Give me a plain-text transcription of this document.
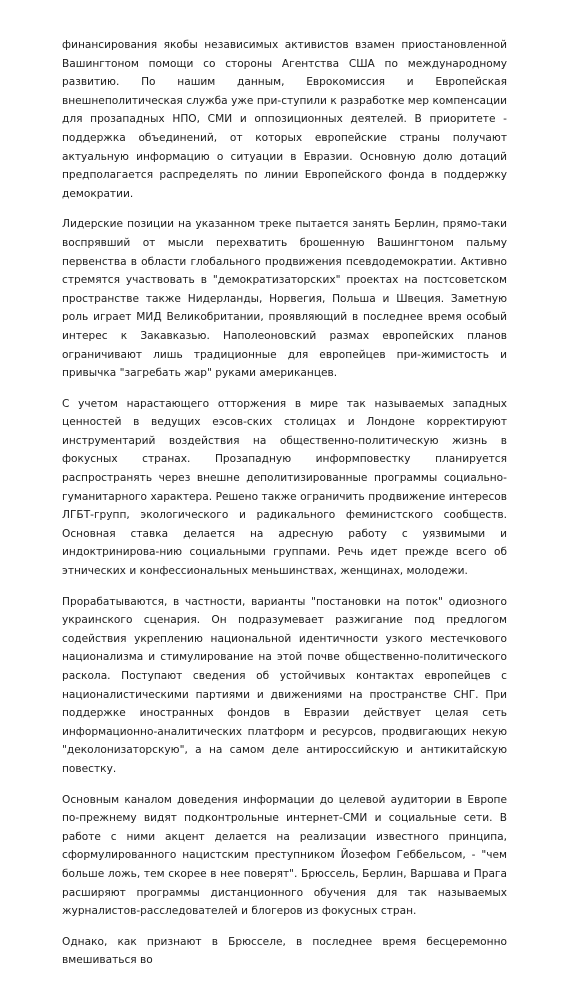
финансирования якобы независимых активистов взамен приостановленной Вашингтоном помощи со стороны Агентства США по международному развитию. По нашим данным, Еврокомиссия и Европейская внешнеполитическая служба уже при-ступили к разработке мер компенсации для прозападных НПО, СМИ и оппозиционных деятелей. В приоритете - поддержка объединений, от которых европейские страны получают актуальную информацию о ситуации в Евразии. Основную долю дотаций предполагается распределять по линии Европейского фонда в поддержку демократии.

Лидерские позиции на указанном треке пытается занять Берлин, прямо-таки воспрявший от мысли перехватить брошенную Вашингтоном пальму первенства в области глобального продвижения псевдодемократии. Активно стремятся участвовать в "демократизаторских" проектах на постсоветском пространстве также Нидерланды, Норвегия, Польша и Швеция. Заметную роль играет МИД Великобритании, проявляющий в последнее время особый интерес к Закавказью. Наполеоновский размах европейских планов ограничивают лишь традиционные для европейцев при-жимистость и привычка "загребать жар" руками американцев.

С учетом нарастающего отторжения в мире так называемых западных ценностей в ведущих еэсов-ских столицах и Лондоне корректируют инструментарий воздействия на общественно-политическую жизнь в фокусных странах. Прозападную информповестку планируется распространять через внешне деполитизированные программы социально-гуманитарного характера. Решено также ограничить продвижение интересов ЛГБТ-групп, экологического и радикального феминистского сообществ. Основная ставка делается на адресную работу с уязвимыми и индоктринирова-нию социальными группами. Речь идет прежде всего об этнических и конфессиональных меньшинствах, женщинах, молодежи.

Прорабатываются, в частности, варианты "постановки на поток" одиозного украинского сценария. Он подразумевает разжигание под предлогом содействия укреплению национальной идентичности узкого местечкового национализма и стимулирование на этой почве общественно-политического раскола. Поступают сведения об устойчивых контактах европейцев с националистическими партиями и движениями на пространстве СНГ. При поддержке иностранных фондов в Евразии действует целая сеть информационно-аналитических платформ и ресурсов, продвигающих некую "деколонизаторскую", а на самом деле антироссийскую и антикитайскую повестку.

Основным каналом доведения информации до целевой аудитории в Европе по-прежнему видят подконтрольные интернет-СМИ и социальные сети. В работе с ними акцент делается на реализации известного принципа, сформулированного нацистским преступником Йозефом Геббельсом, - "чем больше ложь, тем скорее в нее поверят". Брюссель, Берлин, Варшава и Прага расширяют программы дистанционного обучения для так называемых журналистов-расследователей и блогеров из фокусных стран.

Однако, как признают в Брюсселе, в последнее время бесцеремонно вмешиваться во
